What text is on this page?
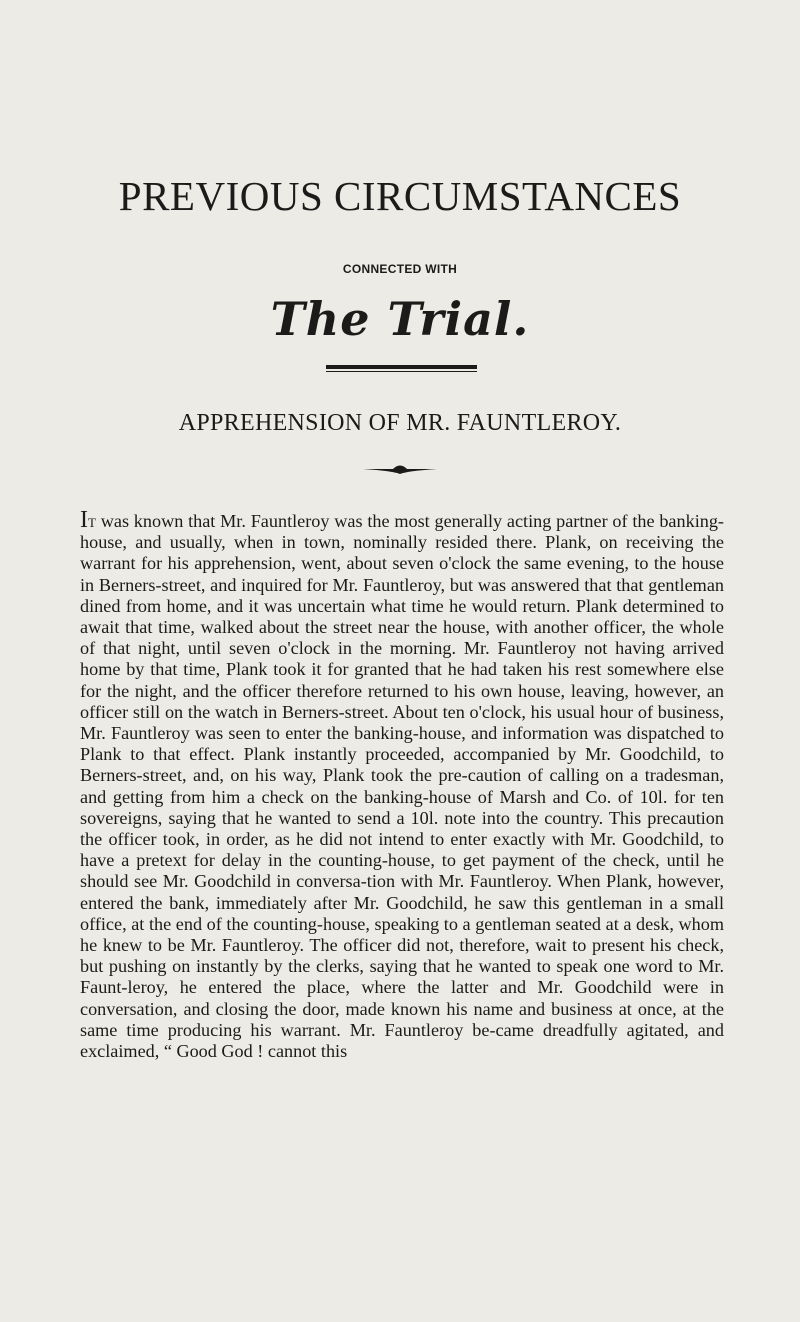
PREVIOUS CIRCUMSTANCES
CONNECTED WITH
The Trial.
APPREHENSION OF MR. FAUNTLEROY.

It was known that Mr. Fauntleroy was the most generally acting partner of the banking-house, and usually, when in town, nominally resided there. Plank, on receiving the warrant for his apprehension, went, about seven o'clock the same evening, to the house in Berners-street, and inquired for Mr. Fauntleroy, but was answered that that gentleman dined from home, and it was uncertain what time he would return. Plank determined to await that time, walked about the street near the house, with another officer, the whole of that night, until seven o'clock in the morning. Mr. Fauntleroy not having arrived home by that time, Plank took it for granted that he had taken his rest somewhere else for the night, and the officer therefore returned to his own house, leaving, however, an officer still on the watch in Berners-street. About ten o'clock, his usual hour of business, Mr. Fauntleroy was seen to enter the banking-house, and information was dispatched to Plank to that effect. Plank instantly proceeded, accompanied by Mr. Goodchild, to Berners-street, and, on his way, Plank took the pre-caution of calling on a tradesman, and getting from him a check on the banking-house of Marsh and Co. of 10l. for ten sovereigns, saying that he wanted to send a 10l. note into the country. This precaution the officer took, in order, as he did not intend to enter exactly with Mr. Goodchild, to have a pretext for delay in the counting-house, to get payment of the check, until he should see Mr. Goodchild in conversa-tion with Mr. Fauntleroy. When Plank, however, entered the bank, immediately after Mr. Goodchild, he saw this gentleman in a small office, at the end of the counting-house, speaking to a gentleman seated at a desk, whom he knew to be Mr. Fauntleroy. The officer did not, therefore, wait to present his check, but pushing on instantly by the clerks, saying that he wanted to speak one word to Mr. Faunt-leroy, he entered the place, where the latter and Mr. Goodchild were in conversation, and closing the door, made known his name and business at once, at the same time producing his warrant. Mr. Fauntleroy be-came dreadfully agitated, and exclaimed, “ Good God ! cannot this
